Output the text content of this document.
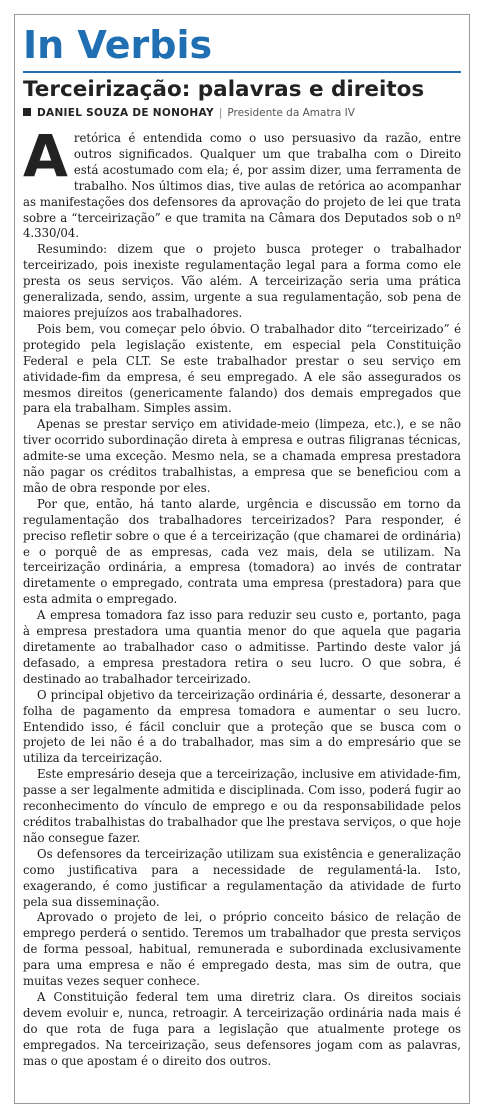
In Verbis
Terceirização: palavras e direitos
DANIEL SOUZA DE NONOHAY | Presidente da Amatra IV

Aretórica é entendida como o uso persuasivo da razão, entre outros significados. Qualquer um que trabalha com o Direito está acostumado com ela; é, por assim dizer, uma ferramenta de trabalho. Nos últimos dias, tive aulas de retórica ao acompanhar as manifestações dos defensores da aprovação do projeto de lei que trata sobre a “terceirização” e que tramita na Câmara dos Deputados sob o nº 4.330/04.

Resumindo: dizem que o projeto busca proteger o trabalhador terceirizado, pois inexiste regulamentação legal para a forma como ele presta os seus serviços. Vão além. A terceirização seria uma prática generalizada, sendo, assim, urgente a sua regulamentação, sob pena de maiores prejuízos aos trabalhadores.

Pois bem, vou começar pelo óbvio. O trabalhador dito “terceirizado” é protegido pela legislação existente, em especial pela Constituição Federal e pela CLT. Se este trabalhador prestar o seu serviço em atividade-fim da empresa, é seu empregado. A ele são assegurados os mesmos direitos (genericamente falando) dos demais empregados que para ela trabalham. Simples assim.

Apenas se prestar serviço em atividade-meio (limpeza, etc.), e se não tiver ocorrido subordinação direta à empresa e outras filigranas técnicas, admite-se uma exceção. Mesmo nela, se a chamada empresa prestadora não pagar os créditos trabalhistas, a empresa que se beneficiou com a mão de obra responde por eles.

Por que, então, há tanto alarde, urgência e discussão em torno da regulamentação dos trabalhadores terceirizados? Para responder, é preciso refletir sobre o que é a terceirização (que chamarei de ordinária) e o porquê de as empresas, cada vez mais, dela se utilizam. Na terceirização ordinária, a empresa (tomadora) ao invés de contratar diretamente o empregado, contrata uma empresa (prestadora) para que esta admita o empregado.

A empresa tomadora faz isso para reduzir seu custo e, portanto, paga à empresa prestadora uma quantia menor do que aquela que pagaria diretamente ao trabalhador caso o admitisse. Partindo deste valor já defasado, a empresa prestadora retira o seu lucro. O que sobra, é destinado ao trabalhador terceirizado.

O principal objetivo da terceirização ordinária é, dessarte, desonerar a folha de pagamento da empresa tomadora e aumentar o seu lucro. Entendido isso, é fácil concluir que a proteção que se busca com o projeto de lei não é a do trabalhador, mas sim a do empresário que se utiliza da terceirização.

Este empresário deseja que a terceirização, inclusive em atividade-fim, passe a ser legalmente admitida e disciplinada. Com isso, poderá fugir ao reconhecimento do vínculo de emprego e ou da responsabilidade pelos créditos trabalhistas do trabalhador que lhe prestava serviços, o que hoje não consegue fazer.

Os defensores da terceirização utilizam sua existência e generalização como justificativa para a necessidade de regulamentá-la. Isto, exagerando, é como justificar a regulamentação da atividade de furto pela sua disseminação.

Aprovado o projeto de lei, o próprio conceito básico de relação de emprego perderá o sentido. Teremos um trabalhador que presta serviços de forma pessoal, habitual, remunerada e subordinada exclusivamente para uma empresa e não é empregado desta, mas sim de outra, que muitas vezes sequer conhece.

A Constituição federal tem uma diretriz clara. Os direitos sociais devem evoluir e, nunca, retroagir. A terceirização ordinária nada mais é do que rota de fuga para a legislação que atualmente protege os empregados. Na terceirização, seus defensores jogam com as palavras, mas o que apostam é o direito dos outros.
